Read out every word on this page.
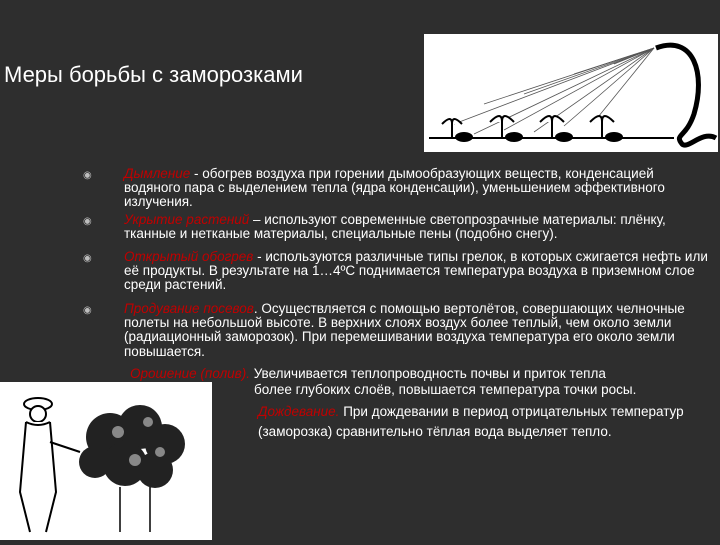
Меры борьбы с заморозками
◉
◉
◉
◉

Дымление - обогрев воздуха при горении дымообразующих веществ, конденсацией водяного пара с выделением тепла (ядра конденсации), уменьшением эффективного излучения.

Укрытие растений – используют современные светопрозрачные материалы: плёнку, тканные и нетканые материалы, специальные пены (подобно снегу).

Открытый обогрев - используются различные типы грелок, в которых сжигается нефть или её продукты. В результате на 1…4ºС поднимается температура воздуха в приземном слое среди растений.

Продувание посевов. Осуществляется с помощью вертолётов, совершающих челночные полеты на небольшой высоте. В верхних слоях воздух более теплый, чем около земли (радиационный заморозок). При перемешивании воздуха температура его около земли повышается.

Орошение (полив). Увеличивается теплопроводность почвы и приток тепла

более глубоких слоёв, повышается температура точки росы.

Дождевание. При дождевании в период отрицательных температур (заморозка) сравнительно тёплая вода выделяет тепло.
